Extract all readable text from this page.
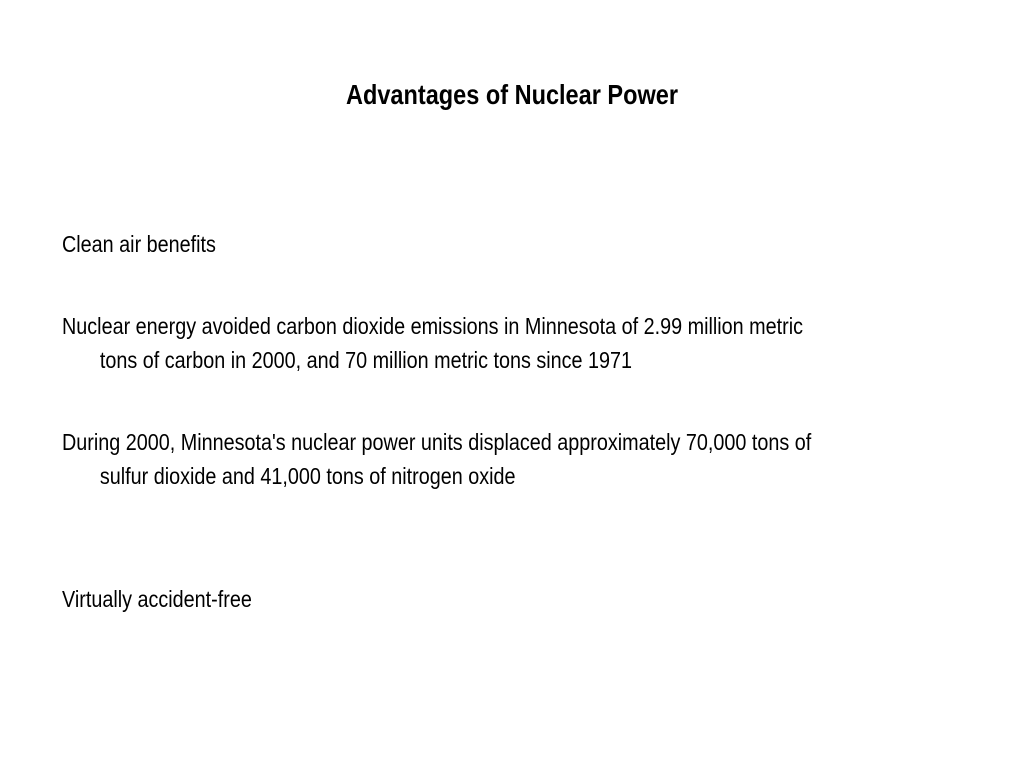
Advantages of Nuclear Power
Clean air benefits
Nuclear energy avoided carbon dioxide emissions in Minnesota of 2.99 million metric
tons of carbon in 2000, and 70 million metric tons since 1971
During 2000, Minnesota's nuclear power units displaced approximately 70,000 tons of
sulfur dioxide and 41,000 tons of nitrogen oxide
Virtually accident-free
